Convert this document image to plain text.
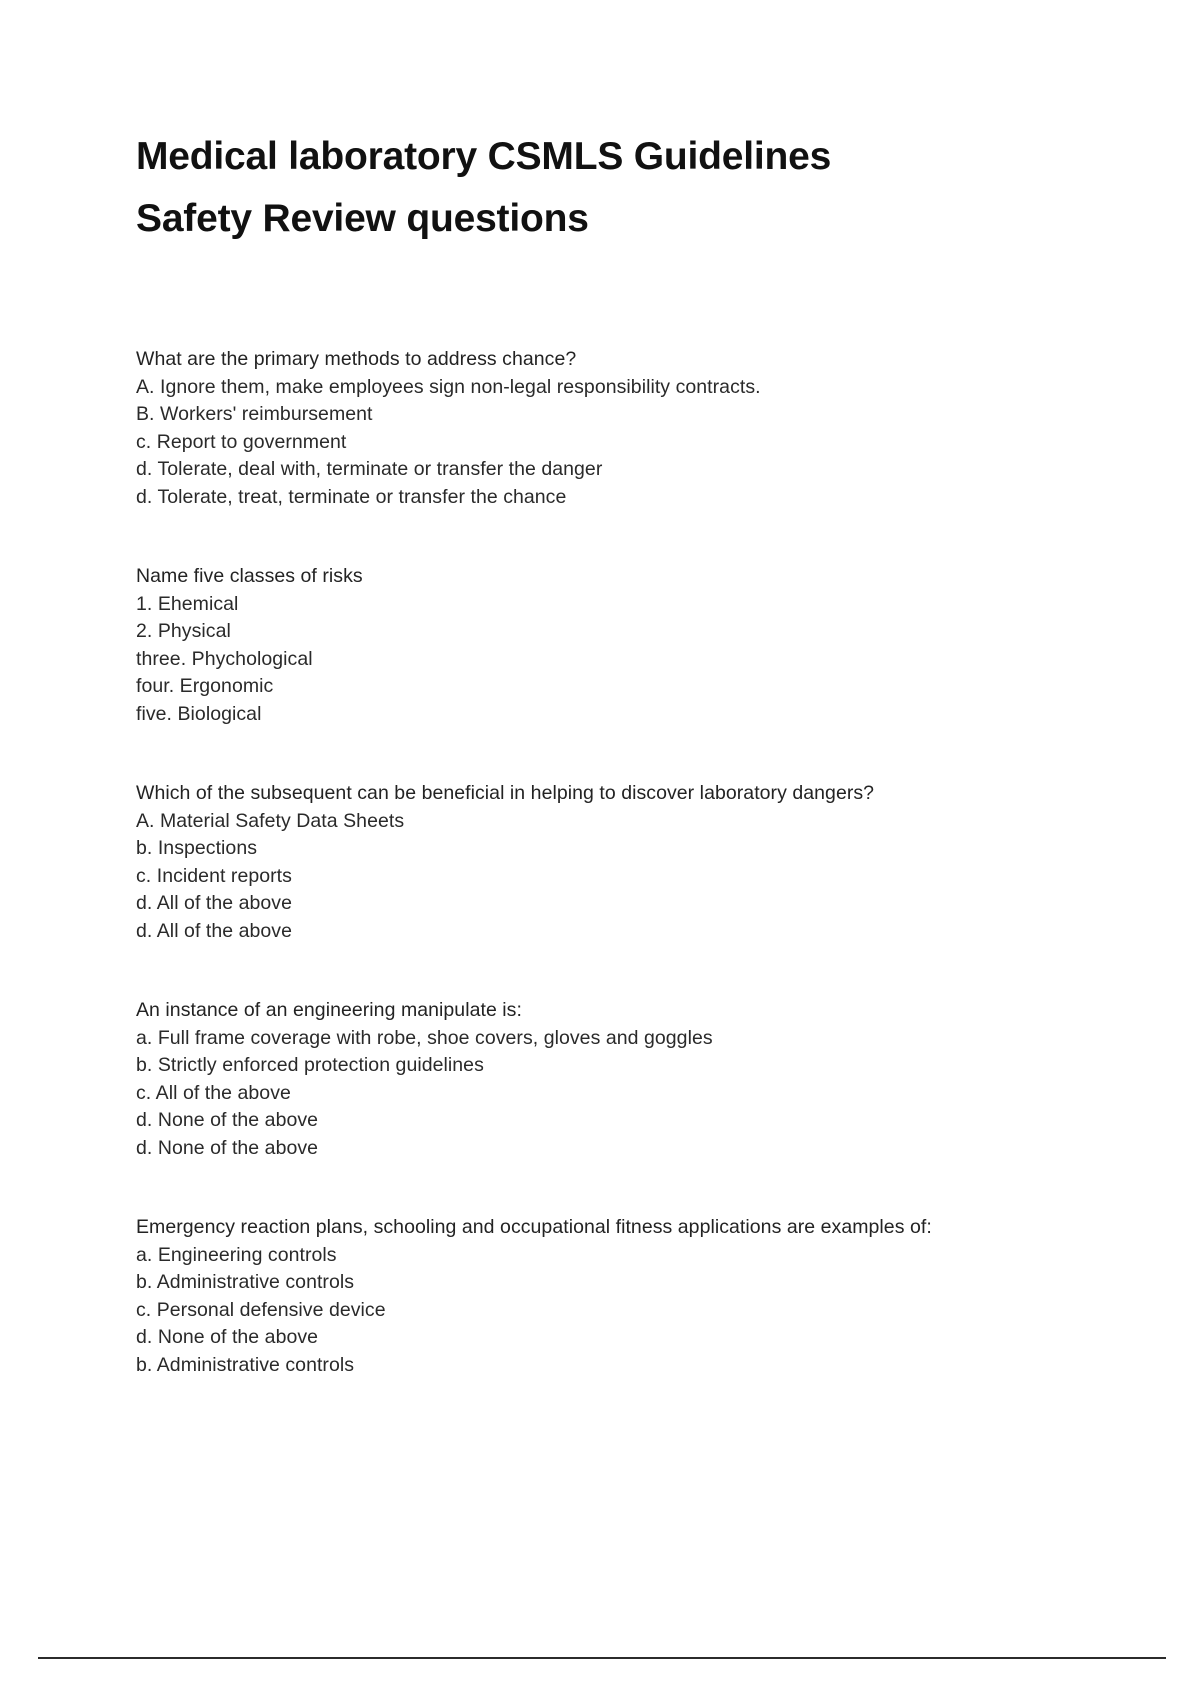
Medical laboratory CSMLS Guidelines
Safety Review questions
What are the primary methods to address chance?
A. Ignore them, make employees sign non-legal responsibility contracts.
B. Workers' reimbursement
c. Report to government
d. Tolerate, deal with, terminate or transfer the danger
d. Tolerate, treat, terminate or transfer the chance
Name five classes of risks
1. Ehemical
2. Physical
three. Phychological
four. Ergonomic
five. Biological
Which of the subsequent can be beneficial in helping to discover laboratory dangers?
A. Material Safety Data Sheets
b. Inspections
c. Incident reports
d. All of the above
d. All of the above
An instance of an engineering manipulate is:
a. Full frame coverage with robe, shoe covers, gloves and goggles
b. Strictly enforced protection guidelines
c. All of the above
d. None of the above
d. None of the above
Emergency reaction plans, schooling and occupational fitness applications are examples of:
a. Engineering controls
b. Administrative controls
c. Personal defensive device
d. None of the above
b. Administrative controls
